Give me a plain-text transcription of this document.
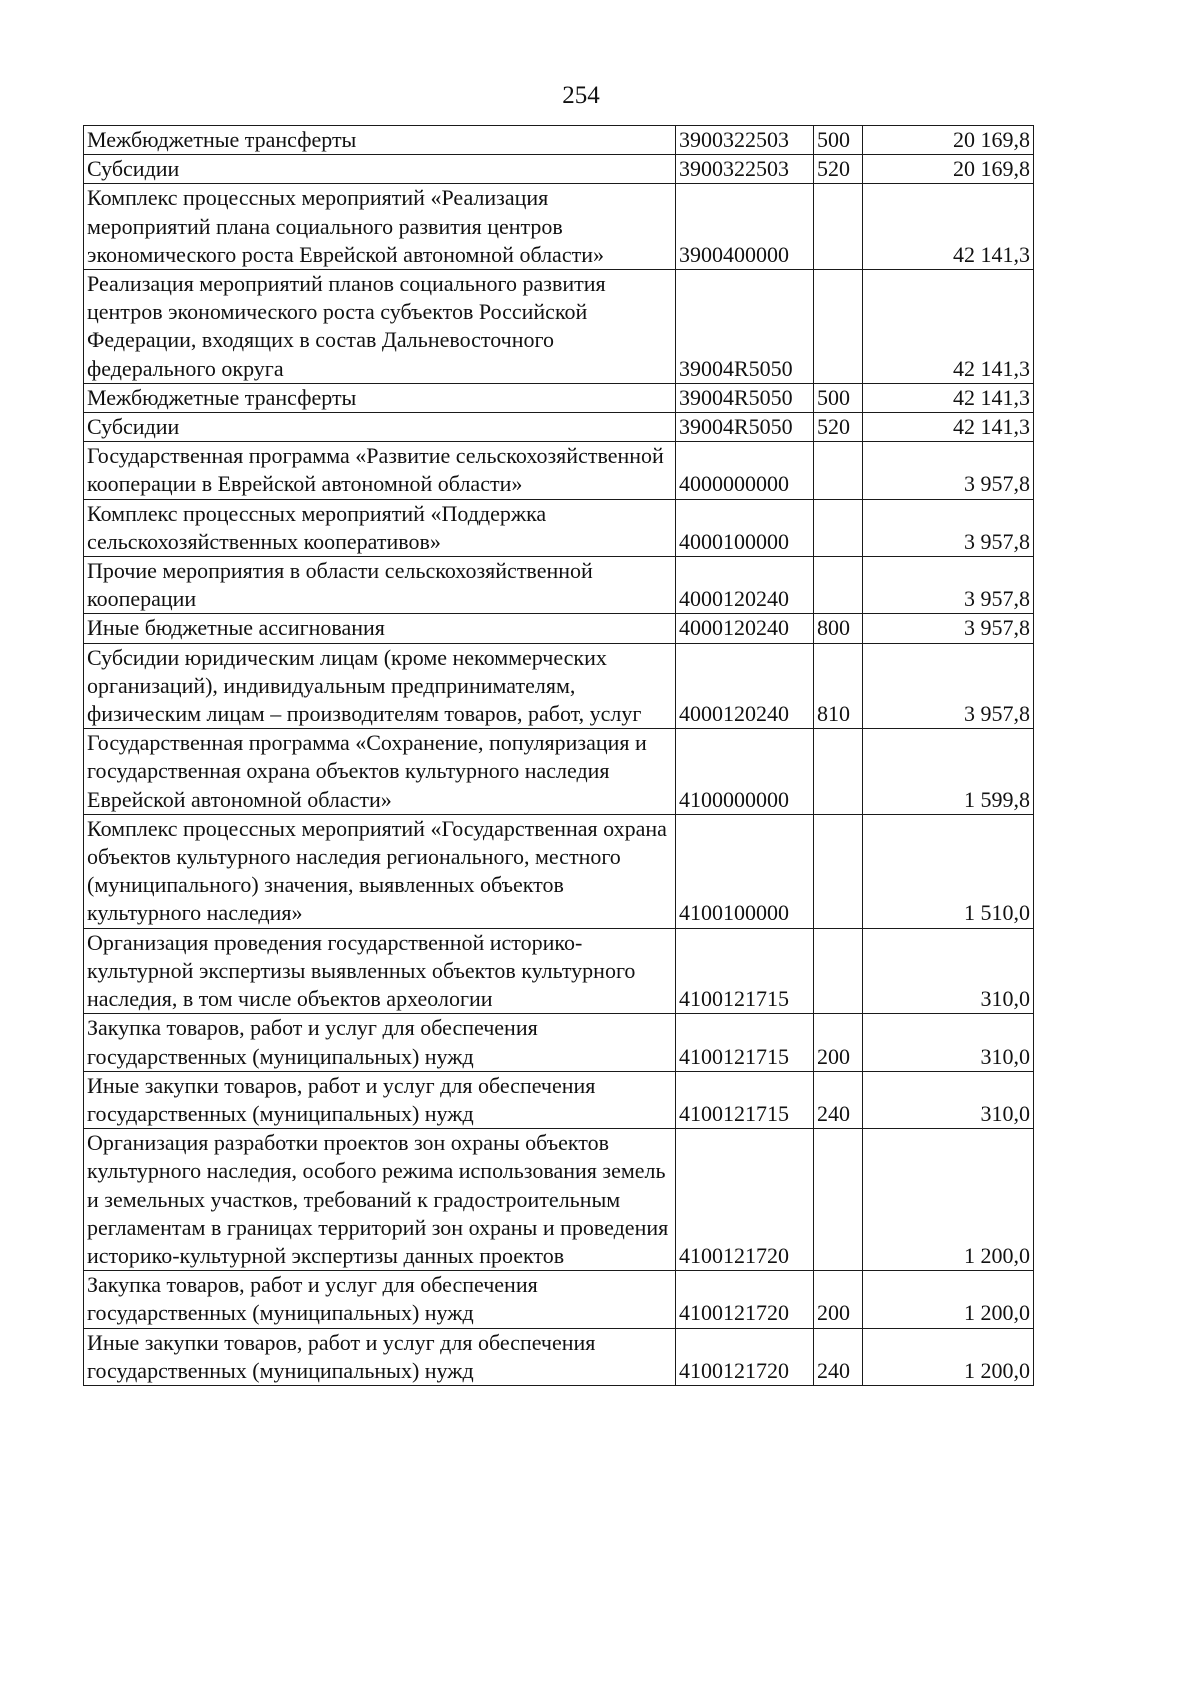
254
Межбюджетные трансферты	3900322503	500	20 169,8
Субсидии	3900322503	520	20 169,8
Комплекс процессных мероприятий «Реализация мероприятий плана социального развития центров экономического роста Еврейской автономной области»	3900400000		42 141,3
Реализация мероприятий планов социального развития центров экономического роста субъектов Российской Федерации, входящих в состав Дальневосточного федерального округа	39004R5050		42 141,3
Межбюджетные трансферты	39004R5050	500	42 141,3
Субсидии	39004R5050	520	42 141,3
Государственная программа «Развитие сельскохозяйственной кооперации в Еврейской автономной области»	4000000000		3 957,8
Комплекс процессных мероприятий «Поддержка сельскохозяйственных кооперативов»	4000100000		3 957,8
Прочие мероприятия в области сельскохозяйственной кооперации	4000120240		3 957,8
Иные бюджетные ассигнования	4000120240	800	3 957,8
Субсидии юридическим лицам (кроме некоммерческих организаций), индивидуальным предпринимателям, физическим лицам – производителям товаров, работ, услуг	4000120240	810	3 957,8
Государственная программа «Сохранение, популяризация и государственная охрана объектов культурного наследия Еврейской автономной области»	4100000000		1 599,8
Комплекс процессных мероприятий «Государственная охрана объектов культурного наследия регионального, местного (муниципального) значения, выявленных объектов культурного наследия»	4100100000		1 510,0
Организация проведения государственной историко-культурной экспертизы выявленных объектов культурного наследия, в том числе объектов археологии	4100121715		310,0
Закупка товаров, работ и услуг для обеспечения государственных (муниципальных) нужд	4100121715	200	310,0
Иные закупки товаров, работ и услуг для обеспечения государственных (муниципальных) нужд	4100121715	240	310,0
Организация разработки проектов зон охраны объектов культурного наследия, особого режима использования земель и земельных участков, требований к градостроительным регламентам в границах территорий зон охраны и проведения историко-культурной экспертизы данных проектов	4100121720		1 200,0
Закупка товаров, работ и услуг для обеспечения государственных (муниципальных) нужд	4100121720	200	1 200,0
Иные закупки товаров, работ и услуг для обеспечения государственных (муниципальных) нужд	4100121720	240	1 200,0
